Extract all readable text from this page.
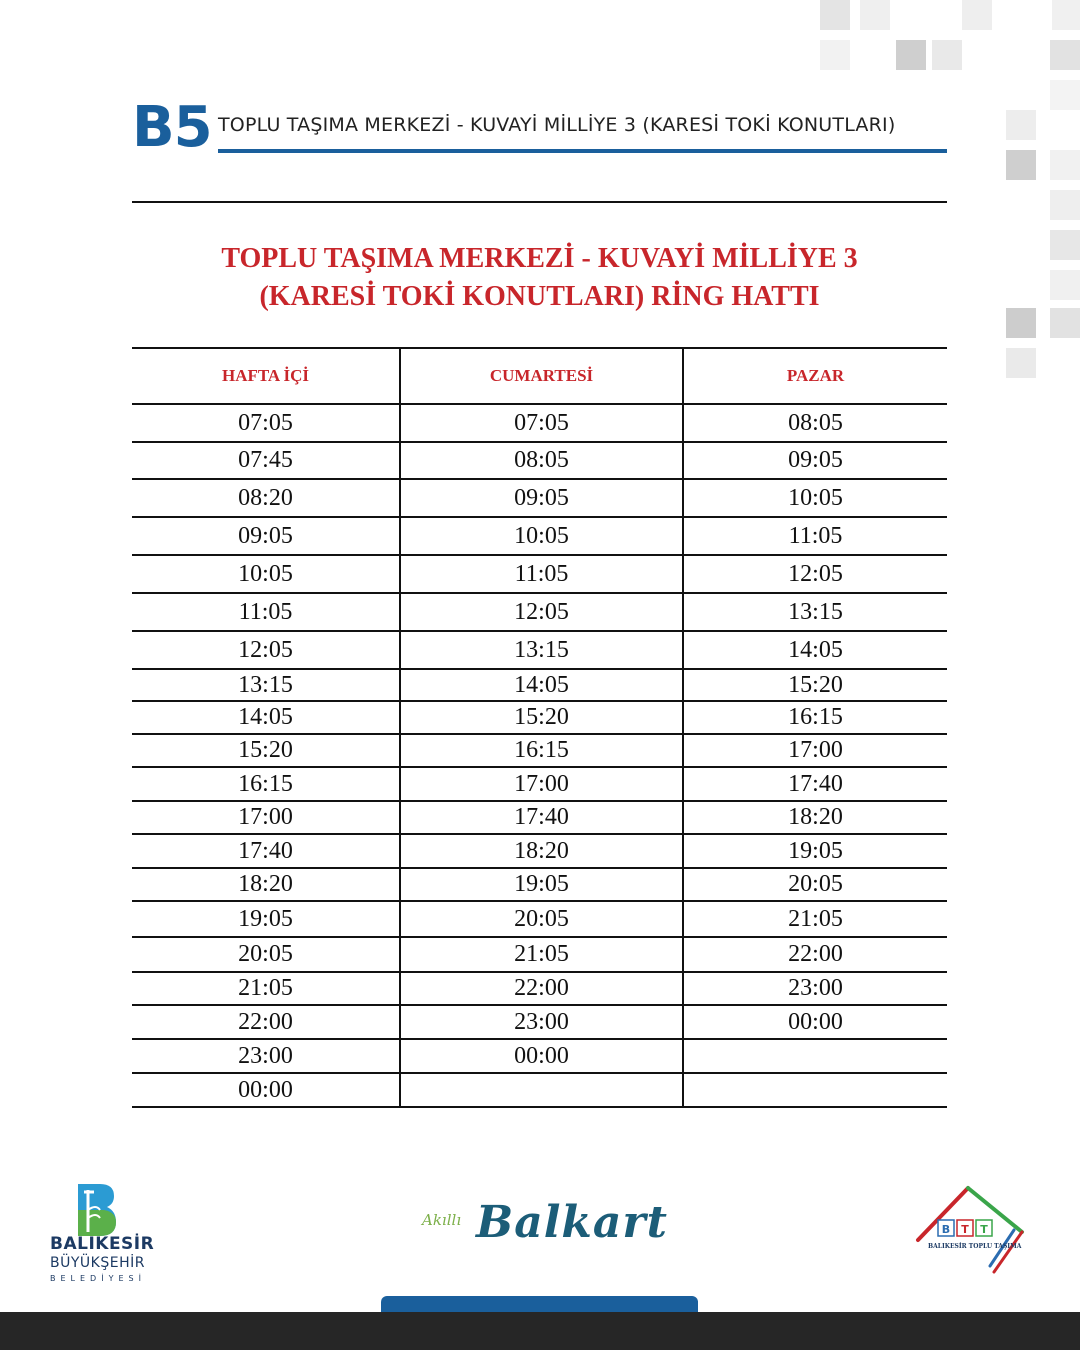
B5 TOPLU TAŞIMA MERKEZİ - KUVAYİ MİLLİYE 3 (KARESİ TOKİ KONUTLARI)
TOPLU TAŞIMA MERKEZİ - KUVAYİ MİLLİYE 3
(KARESİ TOKİ KONUTLARI) RİNG HATTI
HAFTA İÇİ	CUMARTESİ	PAZAR
07:05	07:05	08:05
07:45	08:05	09:05
08:20	09:05	10:05
09:05	10:05	11:05
10:05	11:05	12:05
11:05	12:05	13:15
12:05	13:15	14:05
13:15	14:05	15:20
14:05	15:20	16:15
15:20	16:15	17:00
16:15	17:00	17:40
17:00	17:40	18:20
17:40	18:20	19:05
18:20	19:05	20:05
19:05	20:05	21:05
20:05	21:05	22:00
21:05	22:00	23:00
22:00	23:00	00:00
23:00	00:00	
00:00		
BALIKESİR
BÜYÜKŞEHİR
BELEDİYESİ
Akıllı Balkart	B T T
BALIKESİR TOPLU TAŞIMA
